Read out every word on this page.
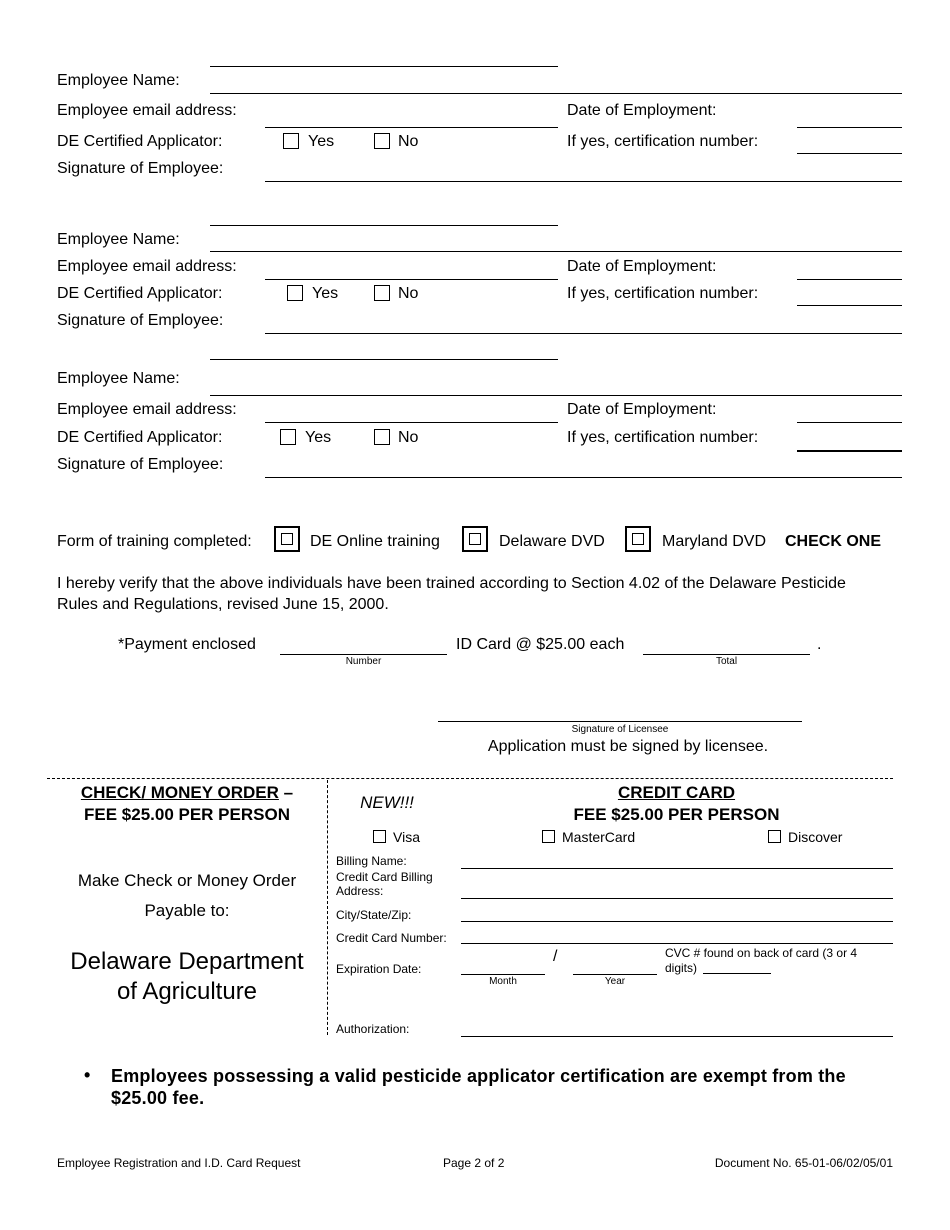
Employee Name:
Employee email address:	Date of Employment:
DE Certified Applicator:	Yes	No	If yes, certification number:
Signature of Employee:
Employee Name:
Employee email address:	Date of Employment:
DE Certified Applicator:	Yes	No	If yes, certification number:
Signature of Employee:
Employee Name:
Employee email address:	Date of Employment:
DE Certified Applicator:	Yes	No	If yes, certification number:
Signature of Employee:
Form of training completed:	DE Online training	Delaware DVD	Maryland DVD CHECK ONE
I hereby verify that the above individuals have been trained according to Section 4.02 of the Delaware Pesticide Rules and Regulations, revised June 15, 2000.
*Payment enclosed
Number
ID Card @ $25.00 each
Total
.
Signature of Licensee
Application must be signed by licensee.
CHECK/ MONEY ORDER –
FEE $25.00 PER PERSON
Make Check or Money Order
Payable to:
Delaware Department
of Agriculture
NEW!!!
CREDIT CARD
FEE $25.00 PER PERSON
Visa	MasterCard	Discover
Billing Name:
Credit Card Billing Address:
City/State/Zip:
Credit Card Number:
Expiration Date:
Month
/
Year
CVC # found on back of card (3 or 4 digits)
Authorization:
• Employees possessing a valid pesticide applicator certification are exempt from the $25.00 fee.
Employee Registration and I.D. Card Request	Page 2 of 2	Document No. 65-01-06/02/05/01
